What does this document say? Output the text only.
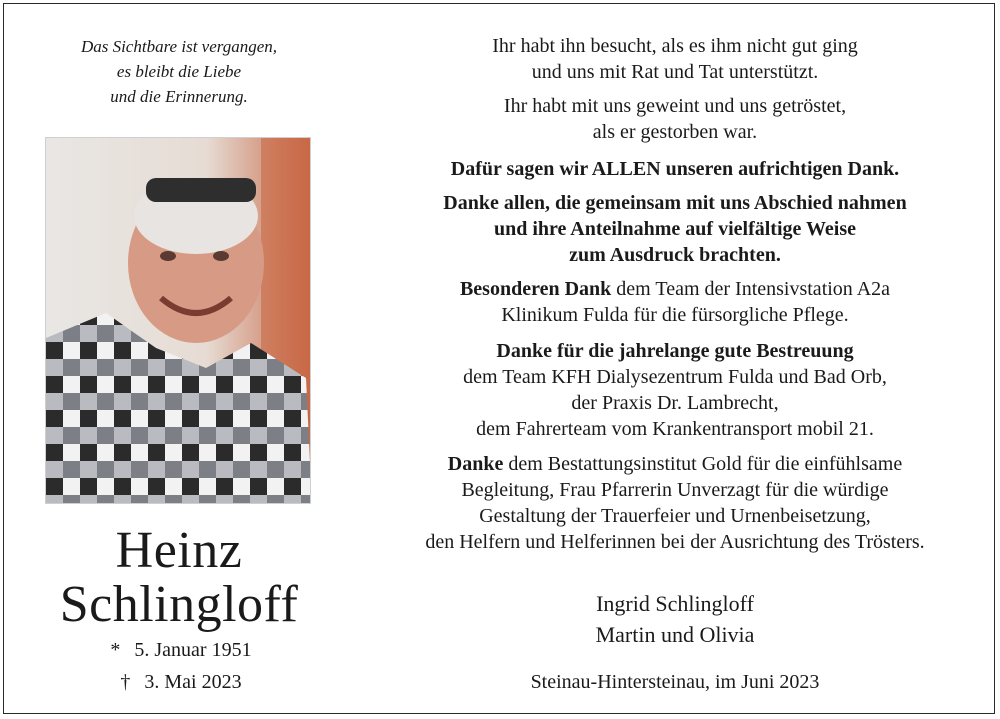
Das Sichtbare ist vergangen,
es bleibt die Liebe
und die Erinnerung.
Heinz
Schlingloff
* 5. Januar 1951
† 3. Mai 2023
Ihr habt ihn besucht, als es ihm nicht gut ging
und uns mit Rat und Tat unterstützt.
Ihr habt mit uns geweint und uns getröstet,
als er gestorben war.
Dafür sagen wir ALLEN unseren aufrichtigen Dank.
Danke allen, die gemeinsam mit uns Abschied nahmen
und ihre Anteilnahme auf vielfältige Weise
zum Ausdruck brachten.
Besonderen Dank dem Team der Intensivstation A2a
Klinikum Fulda für die fürsorgliche Pflege.
Danke für die jahrelange gute Bestreuung
dem Team KFH Dialysezentrum Fulda und Bad Orb,
der Praxis Dr. Lambrecht,
dem Fahrerteam vom Krankentransport mobil 21.
Danke dem Bestattungsinstitut Gold für die einfühlsame
Begleitung, Frau Pfarrerin Unverzagt für die würdige
Gestaltung der Trauerfeier und Urnenbeisetzung,
den Helfern und Helferinnen bei der Ausrichtung des Trösters.
Ingrid Schlingloff
Martin und Olivia
Steinau-Hintersteinau, im Juni 2023
